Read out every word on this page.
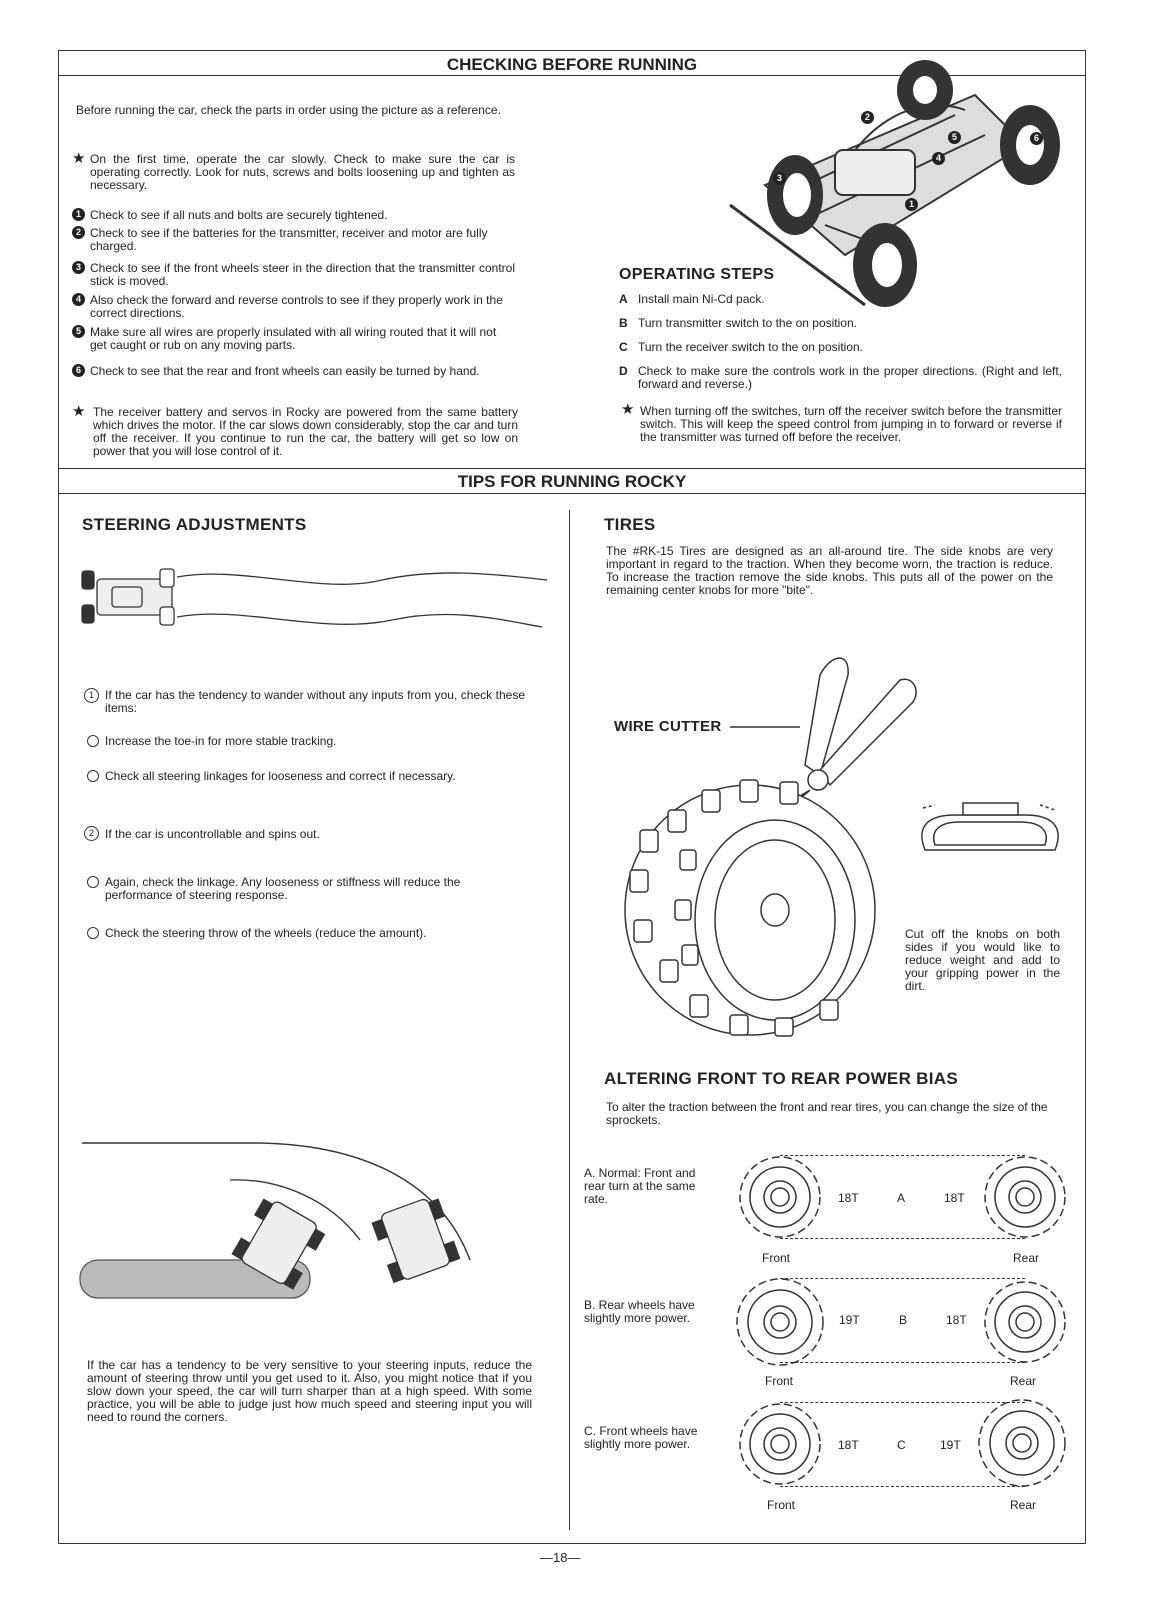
CHECKING BEFORE RUNNING
TIPS FOR RUNNING ROCKY
Before running the car, check the parts in order using the picture as a reference.
★ On the first time, operate the car slowly. Check to make sure the car is operating correctly. Look for nuts, screws and bolts loosening up and tighten as necessary.
1 Check to see if all nuts and bolts are securely tightened.
2 Check to see if the batteries for the transmitter, receiver and motor are fully charged.
3 Check to see if the front wheels steer in the direction that the transmitter control stick is moved.
4 Also check the forward and reverse controls to see if they properly work in the correct directions.
5 Make sure all wires are properly insulated with all wiring routed that it will not get caught or rub on any moving parts.
6 Check to see that the rear and front wheels can easily be turned by hand.
★ The receiver battery and servos in Rocky are powered from the same battery which drives the motor. If the car slows down considerably, stop the car and turn off the receiver. If you continue to run the car, the battery will get so low on power that you will lose control of it.
2
5
4
6
3
1
OPERATING STEPS
A Install main Ni-Cd pack.
B Turn transmitter switch to the on position.
C Turn the receiver switch to the on position.
D Check to make sure the controls work in the proper directions. (Right and left, forward and reverse.)
★ When turning off the switches, turn off the receiver switch before the transmitter switch. This will keep the speed control from jumping in to forward or reverse if the transmitter was turned off before the receiver.
STEERING ADJUSTMENTS
1 If the car has the tendency to wander without any inputs from you, check these items:
Increase the toe-in for more stable tracking.
Check all steering linkages for looseness and correct if necessary.
2 If the car is uncontrollable and spins out.
Again, check the linkage. Any looseness or stiffness will reduce the performance of steering response.
Check the steering throw of the wheels (reduce the amount).
If the car has a tendency to be very sensitive to your steering inputs, reduce the amount of steering throw until you get used to it. Also, you might notice that if you slow down your speed, the car will turn sharper than at a high speed. With some practice, you will be able to judge just how much speed and steering input you will need to round the corners.
TIRES
The #RK-15 Tires are designed as an all-around tire. The side knobs are very important in regard to the traction. When they become worn, the traction is reduce. To increase the traction remove the side knobs. This puts all of the power on the remaining center knobs for more "bite".
WIRE CUTTER
Cut off the knobs on both sides if you would like to reduce weight and add to your gripping power in the dirt.
ALTERING FRONT TO REAR POWER BIAS
To alter the traction between the front and rear tires, you can change the size of the sprockets.
A. Normal: Front and rear turn at the same rate.	18T	A	18T
Front	Rear
B. Rear wheels have slightly more power.	19T	B	18T
Front	Rear
C. Front wheels have slightly more power.	18T	C	19T
Front	Rear
—18—
